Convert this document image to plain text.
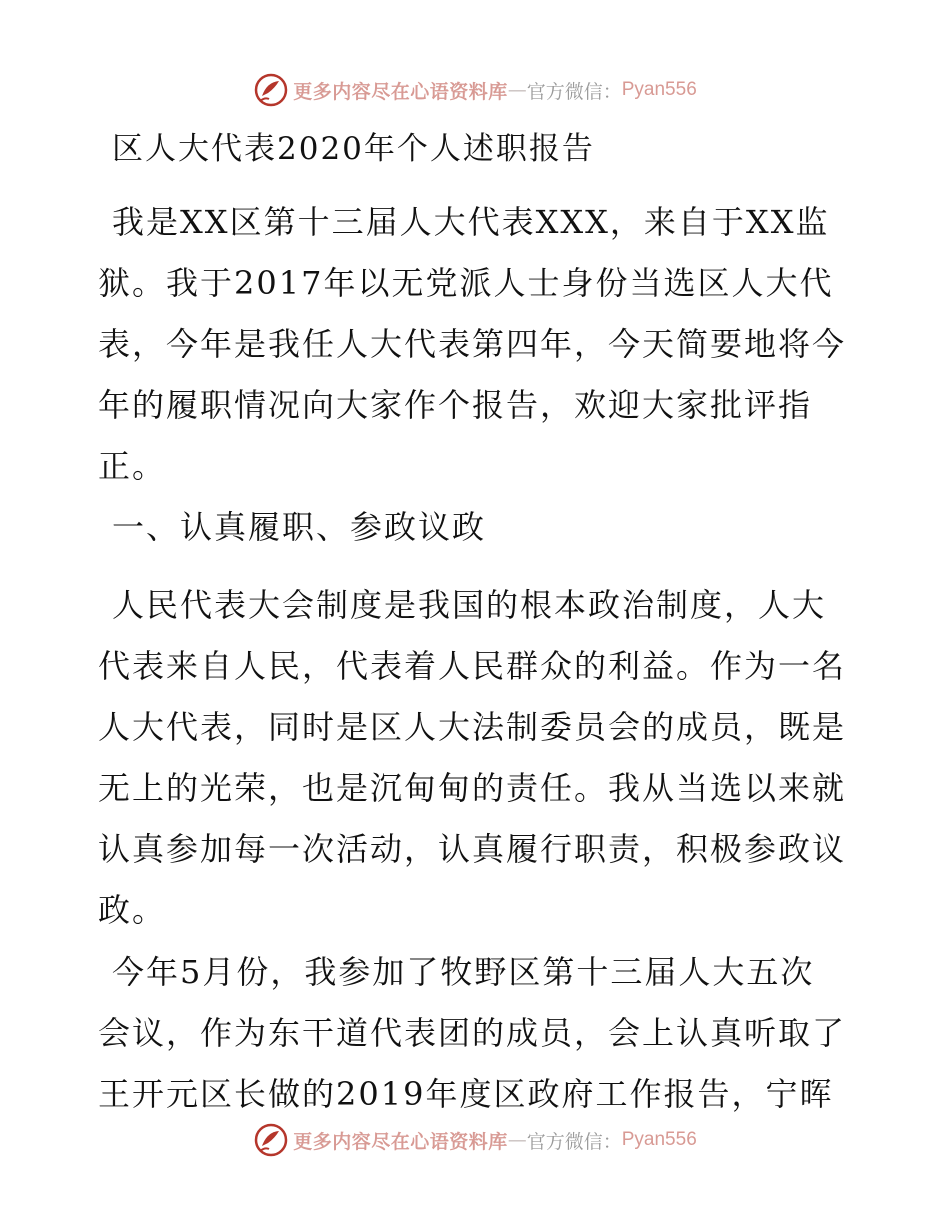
更多内容尽在心语资料库 — 官方微信： Pyan556
区人大代表2020年个人述职报告
我是XX区第十三届人大代表XXX，来自于XX监
狱。我于2017年以无党派人士身份当选区人大代
表，今年是我任人大代表第四年，今天简要地将今
年的履职情况向大家作个报告，欢迎大家批评指
正。
一、认真履职、参政议政
人民代表大会制度是我国的根本政治制度，人大
代表来自人民，代表着人民群众的利益。作为一名
人大代表，同时是区人大法制委员会的成员，既是
无上的光荣，也是沉甸甸的责任。我从当选以来就
认真参加每一次活动，认真履行职责，积极参政议
政。
今年5月份，我参加了牧野区第十三届人大五次
会议，作为东干道代表团的成员，会上认真听取了
王开元区长做的2019年度区政府工作报告，宁晖
更多内容尽在心语资料库 — 官方微信： Pyan556
